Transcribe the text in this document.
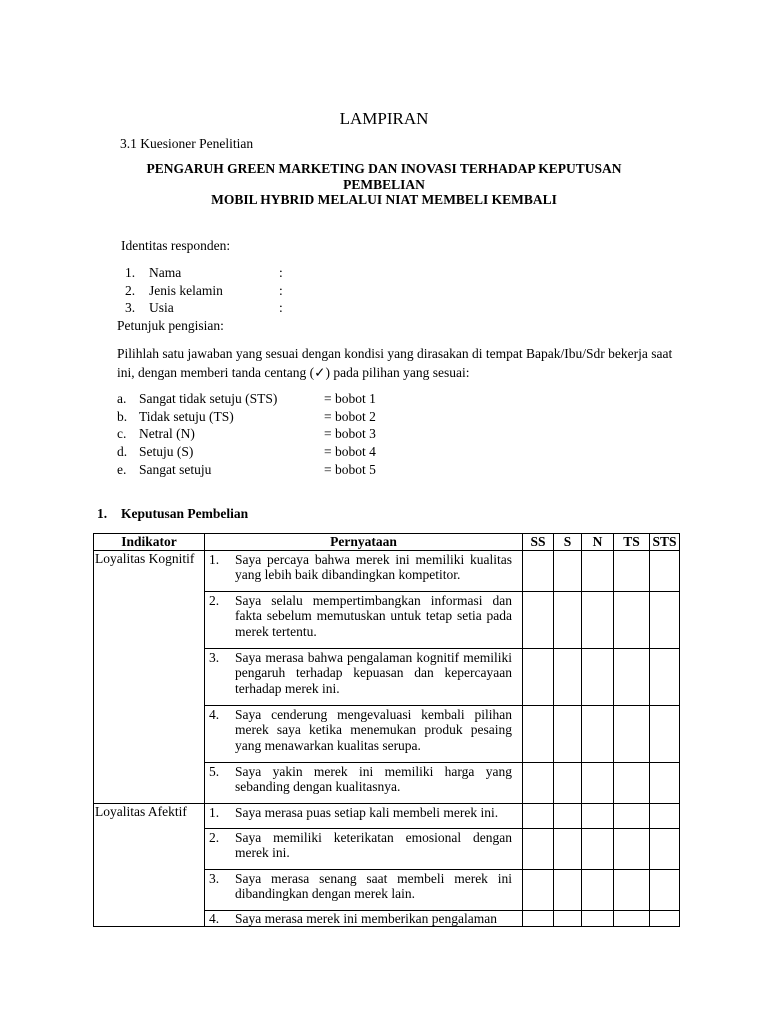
LAMPIRAN
3.1 Kuesioner Penelitian
PENGARUH GREEN MARKETING DAN INOVASI TERHADAP KEPUTUSAN
PEMBELIAN
MOBIL HYBRID MELALUI NIAT MEMBELI KEMBALI
Identitas responden:
1. Nama	:
2. Jenis kelamin	:
3. Usia	:
Petunjuk pengisian:
Pilihlah satu jawaban yang sesuai dengan kondisi yang dirasakan di tempat Bapak/Ibu/Sdr bekerja saat ini, dengan memberi tanda centang (✓) pada pilihan yang sesuai:
a. Sangat tidak setuju (STS)	= bobot 1
b. Tidak setuju (TS)	= bobot 2
c. Netral (N)	= bobot 3
d. Setuju (S)	= bobot 4
e. Sangat setuju	= bobot 5
1. Keputusan Pembelian
Indikator	Pernyataan	SS	S	N	TS	STS
Loyalitas Kognitif	1. Saya percaya bahwa merek ini memiliki kualitas yang lebih baik dibandingkan kompetitor.					

	2. Saya selalu mempertimbangkan informasi dan fakta sebelum memutuskan untuk tetap setia pada merek tertentu.					

	3. Saya merasa bahwa pengalaman kognitif memiliki pengaruh terhadap kepuasan dan kepercayaan terhadap merek ini.					

	4. Saya cenderung mengevaluasi kembali pilihan merek saya ketika menemukan produk pesaing yang menawarkan kualitas serupa.					

	5. Saya yakin merek ini memiliki harga yang sebanding dengan kualitasnya.					

Loyalitas Afektif	1. Saya merasa puas setiap kali membeli merek ini.					

	2. Saya memiliki keterikatan emosional dengan merek ini.					

	3. Saya merasa senang saat membeli merek ini dibandingkan dengan merek lain.					

	4. Saya merasa merek ini memberikan pengalaman					
